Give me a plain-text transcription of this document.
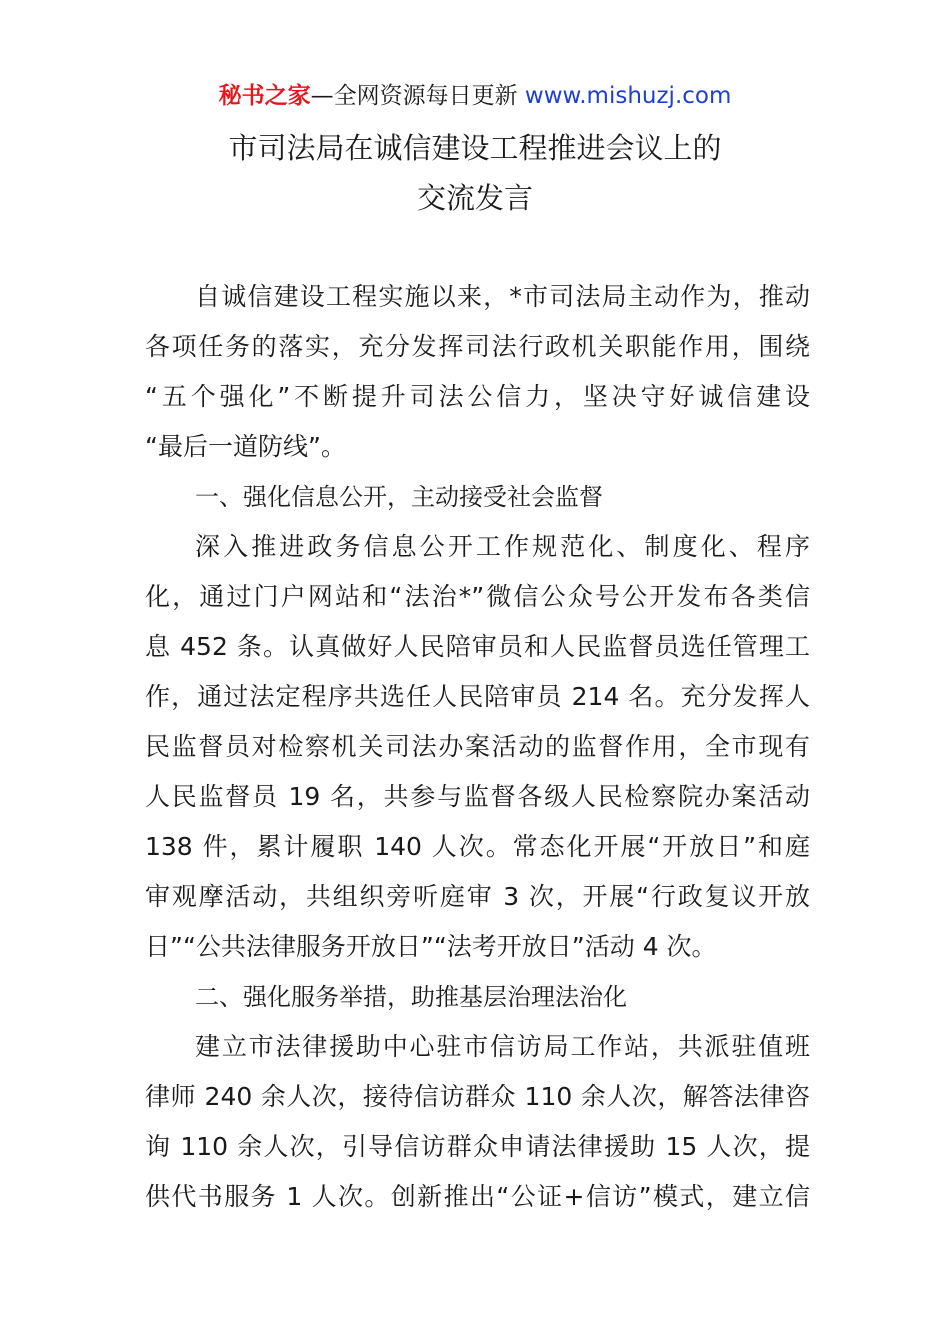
秘书之家—全网资源每日更新 www.mishuzj.com
市司法局在诚信建设工程推进会议上的
交流发言
自诚信建设工程实施以来，*市司法局主动作为，推动
各项任务的落实，充分发挥司法行政机关职能作用，围绕
“五个强化”不断提升司法公信力，坚决守好诚信建设
“最后一道防线”。
一、强化信息公开，主动接受社会监督
深入推进政务信息公开工作规范化、制度化、程序
化，通过门户网站和“法治*”微信公众号公开发布各类信
息 452 条。认真做好人民陪审员和人民监督员选任管理工
作，通过法定程序共选任人民陪审员 214 名。充分发挥人
民监督员对检察机关司法办案活动的监督作用，全市现有
人民监督员 19 名，共参与监督各级人民检察院办案活动
138 件，累计履职 140 人次。常态化开展“开放日”和庭
审观摩活动，共组织旁听庭审 3 次，开展“行政复议开放
日”“公共法律服务开放日”“法考开放日”活动 4 次。
二、强化服务举措，助推基层治理法治化
建立市法律援助中心驻市信访局工作站，共派驻值班
律师 240 余人次，接待信访群众 110 余人次，解答法律咨
询 110 余人次，引导信访群众申请法律援助 15 人次，提
供代书服务 1 人次。创新推出“公证+信访”模式，建立信
